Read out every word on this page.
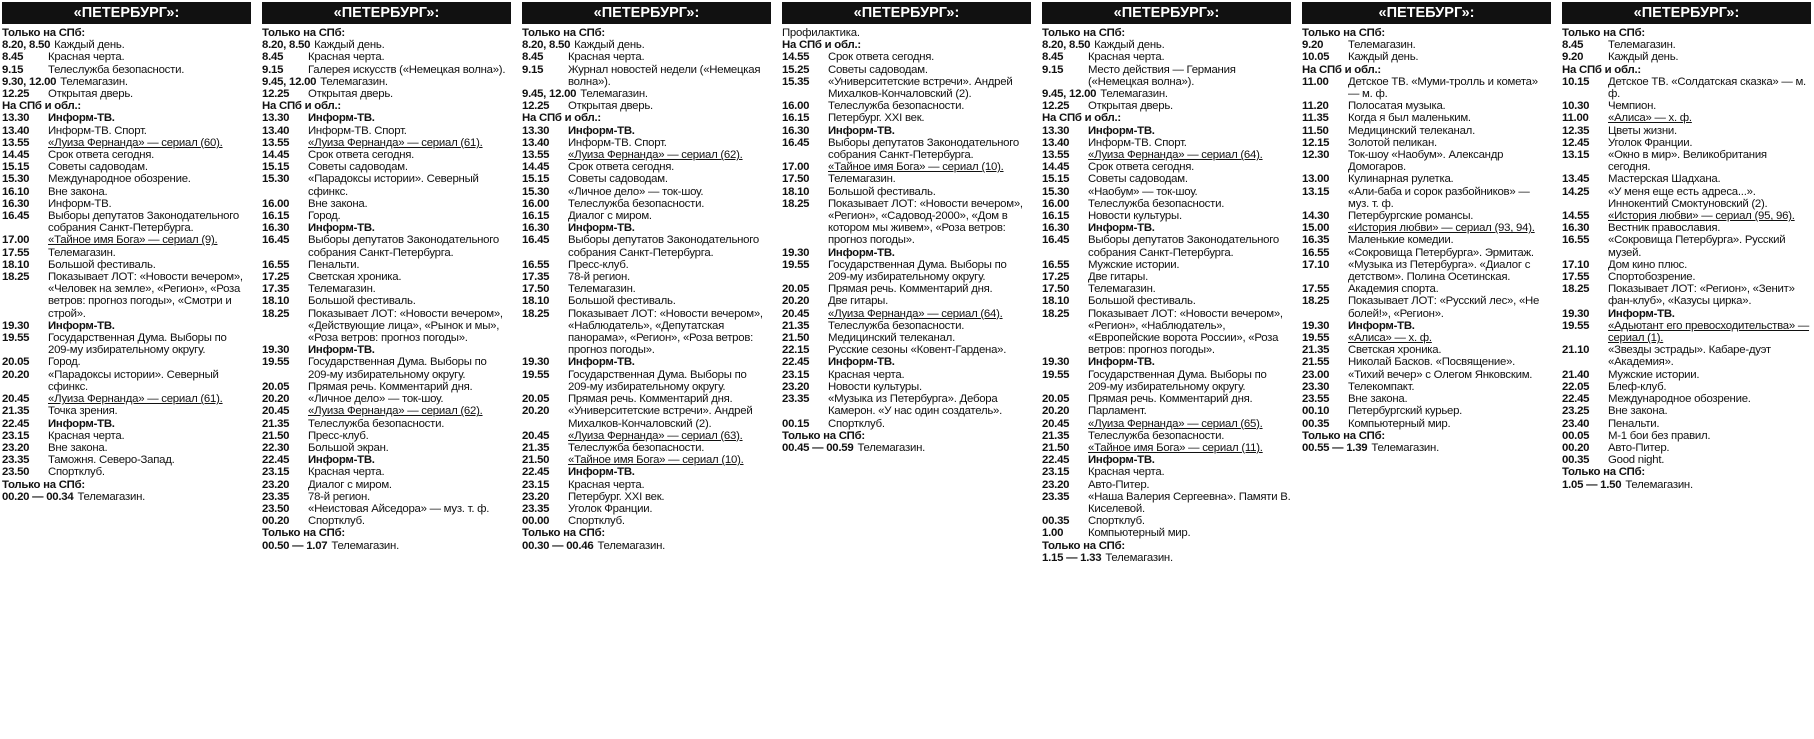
«ПЕТЕРБУРГ»:
Только на СПб:
8.20, 8.50 Каждый день.
8.45	Красная черта.
9.15	Телеслужба безопасности.
9.30, 12.00 Телемагазин.
12.25	Открытая дверь.
На СПб и обл.:
13.30	Информ-ТВ.
13.40	Информ-ТВ. Спорт.
13.55	«Луиза Фернанда» — сериал (60).
14.45	Срок ответа сегодня.
15.15	Советы садоводам.
15.30	Международное обозрение.
16.10	Вне закона.
16.30	Информ-ТВ.
16.45	Выборы депутатов Законодательного собрания Санкт-Петербурга.
17.00	«Тайное имя Бога» — сериал (9).
17.55	Телемагазин.
18.10	Большой фестиваль.
18.25	Показывает ЛОТ: «Новости вечером», «Человек на земле», «Регион», «Роза ветров: прогноз погоды», «Смотри и строй».
19.30	Информ-ТВ.
19.55	Государственная Дума. Выборы по 209-му избирательному округу.
20.05	Город.
20.20	«Парадоксы истории». Северный сфинкс.
20.45	«Луиза Фернанда» — сериал (61).
21.35	Точка зрения.
22.45	Информ-ТВ.
23.15	Красная черта.
23.20	Вне закона.
23.35	Таможня. Северо-Запад.
23.50	Спортклуб.
Только на СПб:
00.20 — 00.34 Телемагазин.
«ПЕТЕРБУРГ»:
Только на СПб:
8.20, 8.50 Каждый день.
8.45	Красная черта.
9.15	Галерея искусств («Немецкая волна»).
9.45, 12.00 Телемагазин.
12.25	Открытая дверь.
На СПб и обл.:
13.30	Информ-ТВ.
13.40	Информ-ТВ. Спорт.
13.55	«Луиза Фернанда» — сериал (61).
14.45	Срок ответа сегодня.
15.15	Советы садоводам.
15.30	«Парадоксы истории». Северный сфинкс.
16.00	Вне закона.
16.15	Город.
16.30	Информ-ТВ.
16.45	Выборы депутатов Законодательного собрания Санкт-Петербурга.
16.55	Пенальти.
17.25	Светская хроника.
17.35	Телемагазин.
18.10	Большой фестиваль.
18.25	Показывает ЛОТ: «Новости вечером», «Действующие лица», «Рынок и мы», «Роза ветров: прогноз погоды».
19.30	Информ-ТВ.
19.55	Государственная Дума. Выборы по 209-му избирательному округу.
20.05	Прямая речь. Комментарий дня.
20.20	«Личное дело» — ток-шоу.
20.45	«Луиза Фернанда» — сериал (62).
21.35	Телеслужба безопасности.
21.50	Пресс-клуб.
22.30	Большой экран.
22.45	Информ-ТВ.
23.15	Красная черта.
23.20	Диалог с миром.
23.35	78-й регион.
23.50	«Неистовая Айседора» — муз. т. ф.
00.20	Спортклуб.
Только на СПб:
00.50 — 1.07 Телемагазин.
«ПЕТЕРБУРГ»:
Только на СПб:
8.20, 8.50 Каждый день.
8.45	Красная черта.
9.15	Журнал новостей недели («Немецкая волна»).
9.45, 12.00 Телемагазин.
12.25	Открытая дверь.
На СПб и обл.:
13.30	Информ-ТВ.
13.40	Информ-ТВ. Спорт.
13.55	«Луиза Фернанда» — сериал (62).
14.45	Срок ответа сегодня.
15.15	Советы садоводам.
15.30	«Личное дело» — ток-шоу.
16.00	Телеслужба безопасности.
16.15	Диалог с миром.
16.30	Информ-ТВ.
16.45	Выборы депутатов Законодательного собрания Санкт-Петербурга.
16.55	Пресс-клуб.
17.35	78-й регион.
17.50	Телемагазин.
18.10	Большой фестиваль.
18.25	Показывает ЛОТ: «Новости вечером», «Наблюдатель», «Депутатская панорама», «Регион», «Роза ветров: прогноз погоды».
19.30	Информ-ТВ.
19.55	Государственная Дума. Выборы по 209-му избирательному округу.
20.05	Прямая речь. Комментарий дня.
20.20	«Университетские встречи». Андрей Михалков-Кончаловский (2).
20.45	«Луиза Фернанда» — сериал (63).
21.35	Телеслужба безопасности.
21.50	«Тайное имя Бога» — сериал (10).
22.45	Информ-ТВ.
23.15	Красная черта.
23.20	Петербург. XXI век.
23.35	Уголок Франции.
00.00	Спортклуб.
Только на СПб:
00.30 — 00.46 Телемагазин.
«ПЕТЕРБУРГ»:
Профилактика.
На СПб и обл.:
14.55	Срок ответа сегодня.
15.25	Советы садоводам.
15.35	«Университетские встречи». Андрей Михалков-Кончаловский (2).
16.00	Телеслужба безопасности.
16.15	Петербург. XXI век.
16.30	Информ-ТВ.
16.45	Выборы депутатов Законодательного собрания Санкт-Петербурга.
17.00	«Тайное имя Бога» — сериал (10).
17.50	Телемагазин.
18.10	Большой фестиваль.
18.25	Показывает ЛОТ: «Новости вечером», «Регион», «Садовод-2000», «Дом в котором мы живем», «Роза ветров: прогноз погоды».
19.30	Информ-ТВ.
19.55	Государственная Дума. Выборы по 209-му избирательному округу.
20.05	Прямая речь. Комментарий дня.
20.20	Две гитары.
20.45	«Луиза Фернанда» — сериал (64).
21.35	Телеслужба безопасности.
21.50	Медицинский телеканал.
22.15	Русские сезоны «Ковент-Гардена».
22.45	Информ-ТВ.
23.15	Красная черта.
23.20	Новости культуры.
23.35	«Музыка из Петербурга». Дебора Камерон. «У нас один создатель».
00.15	Спортклуб.
Только на СПб:
00.45 — 00.59 Телемагазин.
«ПЕТЕРБУРГ»:
Только на СПб:
8.20, 8.50 Каждый день.
8.45	Красная черта.
9.15	Место действия — Германия («Немецкая волна»).
9.45, 12.00 Телемагазин.
12.25	Открытая дверь.
На СПб и обл.:
13.30	Информ-ТВ.
13.40	Информ-ТВ. Спорт.
13.55	«Луиза Фернанда» — сериал (64).
14.45	Срок ответа сегодня.
15.15	Советы садоводам.
15.30	«Наобум» — ток-шоу.
16.00	Телеслужба безопасности.
16.15	Новости культуры.
16.30	Информ-ТВ.
16.45	Выборы депутатов Законодательного собрания Санкт-Петербурга.
16.55	Мужские истории.
17.25	Две гитары.
17.50	Телемагазин.
18.10	Большой фестиваль.
18.25	Показывает ЛОТ: «Новости вечером», «Регион», «Наблюдатель», «Европейские ворота России», «Роза ветров: прогноз погоды».
19.30	Информ-ТВ.
19.55	Государственная Дума. Выборы по 209-му избирательному округу.
20.05	Прямая речь. Комментарий дня.
20.20	Парламент.
20.45	«Луиза Фернанда» — сериал (65).
21.35	Телеслужба безопасности.
21.50	«Тайное имя Бога» — сериал (11).
22.45	Информ-ТВ.
23.15	Красная черта.
23.20	Авто-Питер.
23.35	«Наша Валерия Сергеевна». Памяти В. Киселевой.
00.35	Спортклуб.
1.00	Компьютерный мир.
Только на СПб:
1.15 — 1.33 Телемагазин.
«ПЕТЕБУРГ»:
Только на СПб:
9.20	Телемагазин.
10.05	Каждый день.
На СПб и обл.:
11.00	Детское ТВ. «Муми-тролль и комета» — м. ф.
11.20	Полосатая музыка.
11.35	Когда я был маленьким.
11.50	Медицинский телеканал.
12.15	Золотой пеликан.
12.30	Ток-шоу «Наобум». Александр Домогаров.
13.00	Кулинарная рулетка.
13.15	«Али-баба и сорок разбойников» — муз. т. ф.
14.30	Петербургские романсы.
15.00	«История любви» — сериал (93, 94).
16.35	Маленькие комедии.
16.55	«Сокровища Петербурга». Эрмитаж.
17.10	«Музыка из Петербурга». «Диалог с детством». Полина Осетинская.
17.55	Академия спорта.
18.25	Показывает ЛОТ: «Русский лес», «Не болей!», «Регион».
19.30	Информ-ТВ.
19.55	«Алиса» — х. ф.
21.35	Светская хроника.
21.55	Николай Басков. «Посвящение».
23.00	«Тихий вечер» с Олегом Янковским.
23.30	Телекомпакт.
23.55	Вне закона.
00.10	Петербургский курьер.
00.35	Компьютерный мир.
Только на СПб:
00.55 — 1.39 Телемагазин.
«ПЕТЕРБУРГ»:
Только на СПб:
8.45	Телемагазин.
9.20	Каждый день.
На СПб и обл.:
10.15	Детское ТВ. «Солдатская сказка» — м. ф.
10.30	Чемпион.
11.00	«Алиса» — х. ф.
12.35	Цветы жизни.
12.45	Уголок Франции.
13.15	«Окно в мир». Великобритания сегодня.
13.45	Мастерская Шадхана.
14.25	«У меня еще есть адреса...». Иннокентий Смоктуновский (2).
14.55	«История любви» — сериал (95, 96).
16.30	Вестник православия.
16.55	«Сокровища Петербурга». Русский музей.
17.10	Дом кино плюс.
17.55	Спортобозрение.
18.25	Показывает ЛОТ: «Регион», «Зенит» фан-клуб», «Казусы цирка».
19.30	Информ-ТВ.
19.55	«Адьютант его превосходительства» — сериал (1).
21.10	«Звезды эстрады». Кабаре-дуэт «Академия».
21.40	Мужские истории.
22.05	Блеф-клуб.
22.45	Международное обозрение.
23.25	Вне закона.
23.40	Пенальти.
00.05	М-1 бои без правил.
00.20	Авто-Питер.
00.35	Good night.
Только на СПб:
1.05 — 1.50 Телемагазин.
